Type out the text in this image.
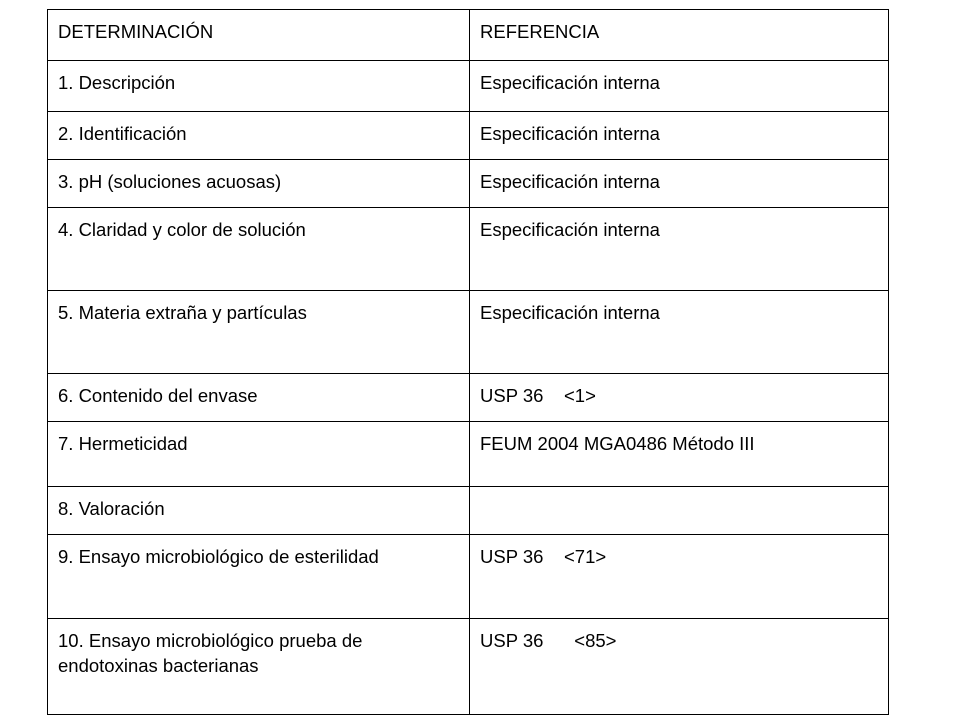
DETERMINACIÓN	REFERENCIA
1. Descripción	Especificación interna
2. Identificación	Especificación interna
3. pH (soluciones acuosas)	Especificación interna
4. Claridad y color de solución	Especificación interna
5. Materia extraña y partículas	Especificación interna
6. Contenido del envase	USP 36    <1>
7. Hermeticidad	FEUM 2004 MGA0486 Método III
8. Valoración	
9. Ensayo microbiológico de esterilidad	USP 36    <71>
10. Ensayo microbiológico prueba de endotoxinas bacterianas	USP 36      <85>
